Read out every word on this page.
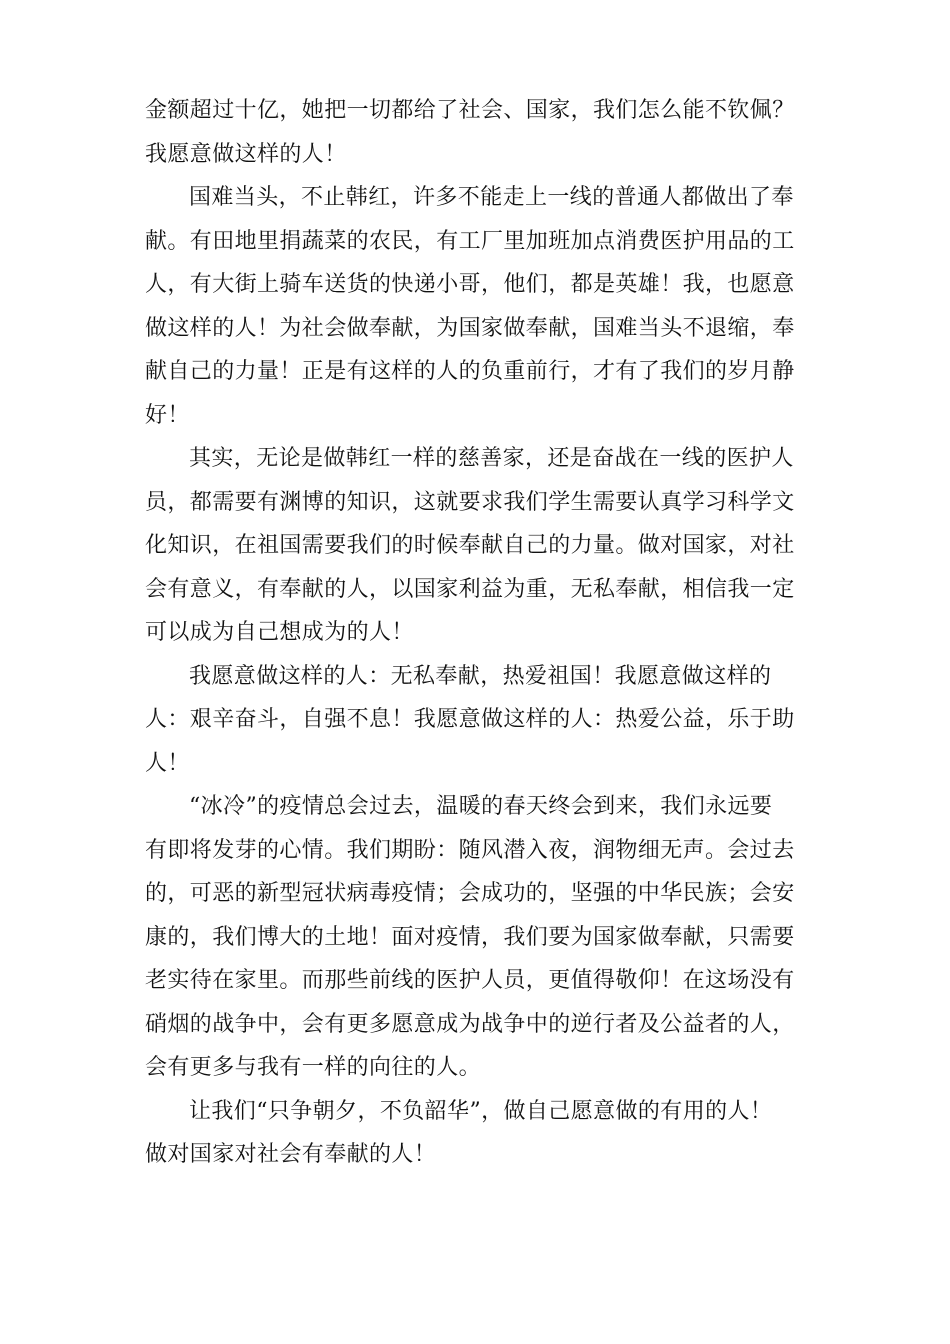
金额超过十亿，她把一切都给了社会、国家，我们怎么能不钦佩？
我愿意做这样的人！
国难当头，不止韩红，许多不能走上一线的普通人都做出了奉
献。有田地里捐蔬菜的农民，有工厂里加班加点消费医护用品的工
人，有大街上骑车送货的快递小哥，他们，都是英雄！我，也愿意
做这样的人！为社会做奉献，为国家做奉献，国难当头不退缩，奉
献自己的力量！正是有这样的人的负重前行，才有了我们的岁月静
好！
其实，无论是做韩红一样的慈善家，还是奋战在一线的医护人
员，都需要有渊博的知识，这就要求我们学生需要认真学习科学文
化知识，在祖国需要我们的时候奉献自己的力量。做对国家，对社
会有意义，有奉献的人，以国家利益为重，无私奉献，相信我一定
可以成为自己想成为的人！
我愿意做这样的人：无私奉献，热爱祖国！我愿意做这样的
人：艰辛奋斗，自强不息！我愿意做这样的人：热爱公益，乐于助
人！
“冰冷”的疫情总会过去，温暖的春天终会到来，我们永远要
有即将发芽的心情。我们期盼：随风潜入夜，润物细无声。会过去
的，可恶的新型冠状病毒疫情；会成功的，坚强的中华民族；会安
康的，我们博大的土地！面对疫情，我们要为国家做奉献，只需要
老实待在家里。而那些前线的医护人员，更值得敬仰！在这场没有
硝烟的战争中，会有更多愿意成为战争中的逆行者及公益者的人，
会有更多与我有一样的向往的人。
让我们“只争朝夕，不负韶华”，做自己愿意做的有用的人！
做对国家对社会有奉献的人！
